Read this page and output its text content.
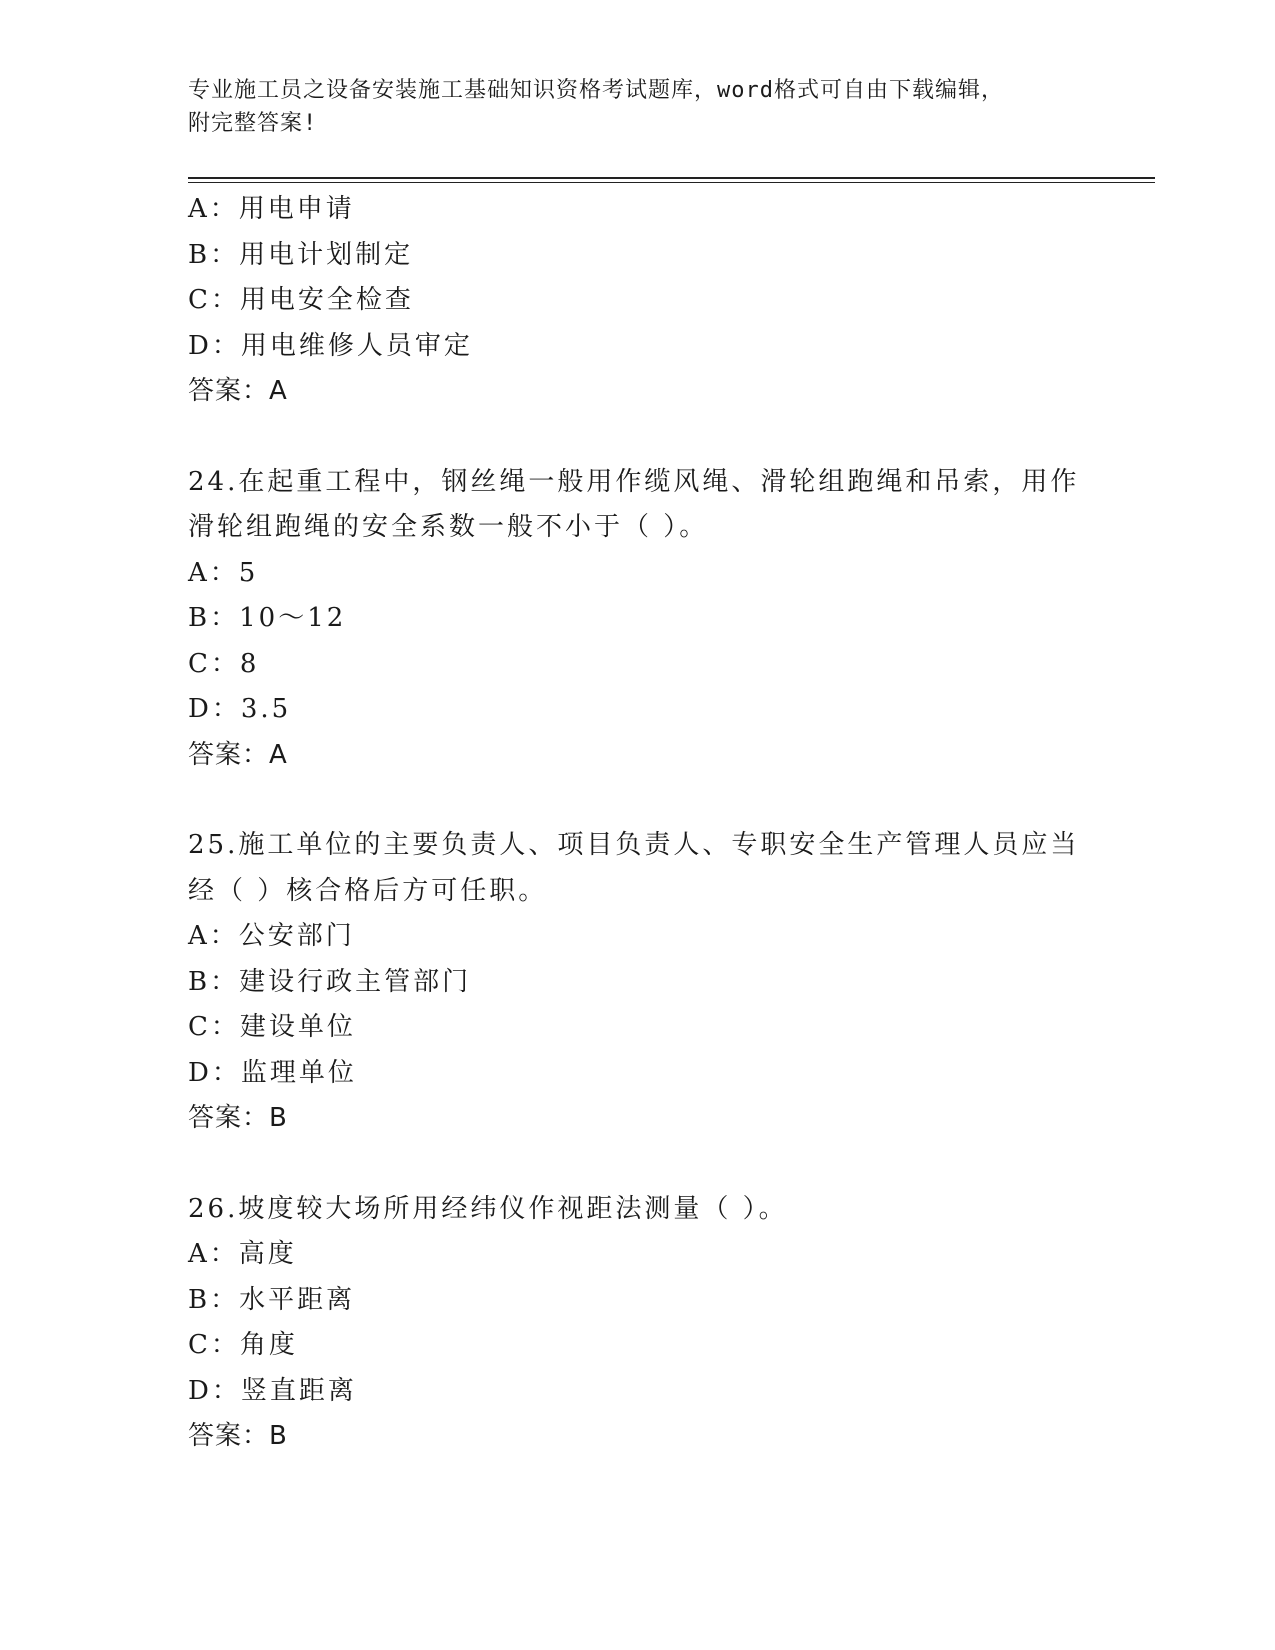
专业施工员之设备安装施工基础知识资格考试题库，word格式可自由下载编辑，
附完整答案!
A：用电申请
B：用电计划制定
C：用电安全检查
D：用电维修人员审定
答案：A
24.在起重工程中，钢丝绳一般用作缆风绳、滑轮组跑绳和吊索，用作
滑轮组跑绳的安全系数一般不小于（ ）。
A：5
B：10～12
C：8
D：3.5
答案：A
25.施工单位的主要负责人、项目负责人、专职安全生产管理人员应当
经（ ）核合格后方可任职。
A：公安部门
B：建设行政主管部门
C：建设单位
D：监理单位
答案：B
26.坡度较大场所用经纬仪作视距法测量（ ）。
A：高度
B：水平距离
C：角度
D：竖直距离
答案：B
